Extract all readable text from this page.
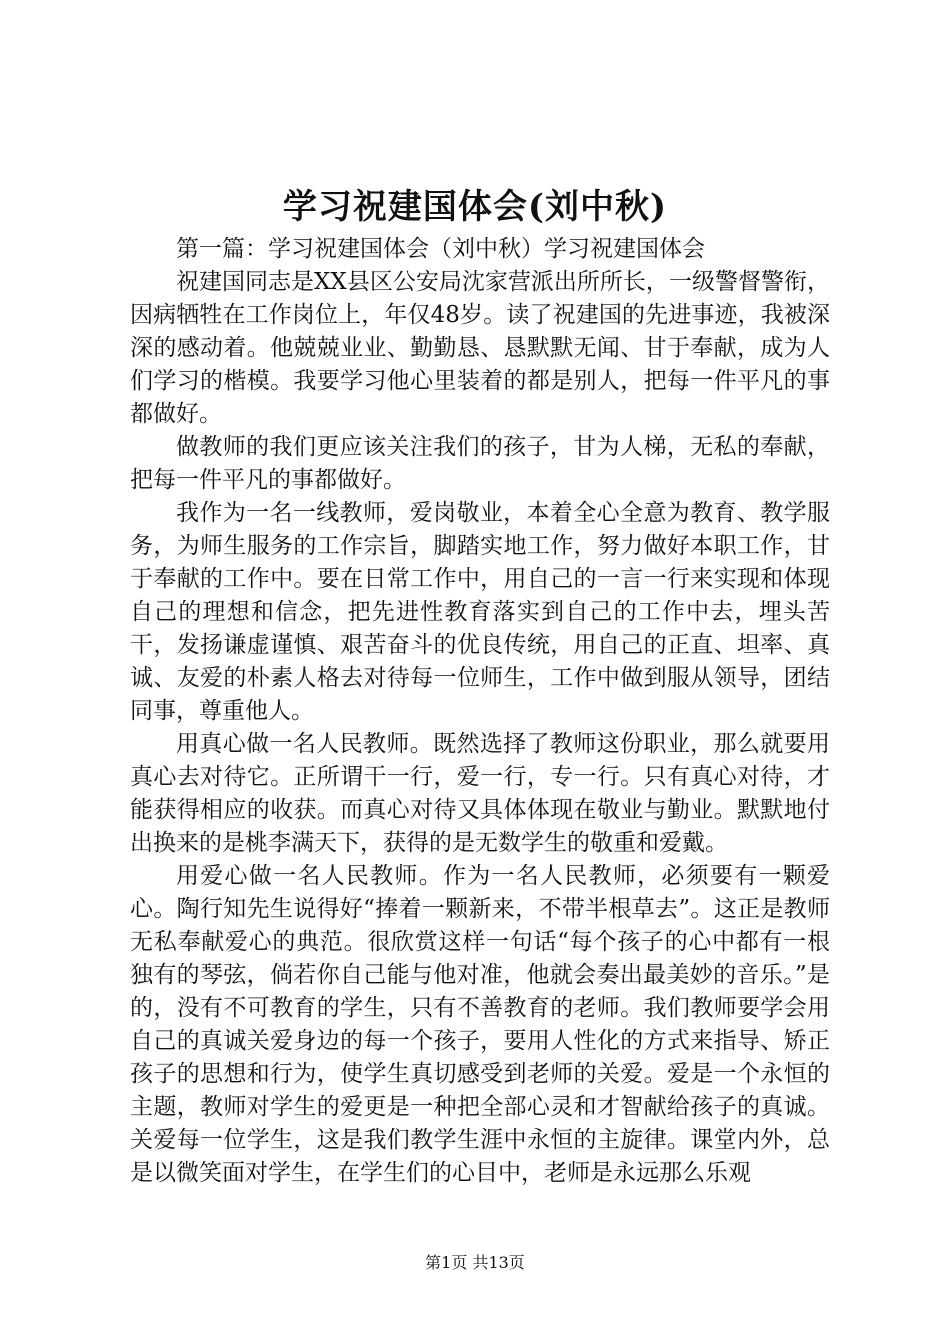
学习祝建国体会(刘中秋)

第一篇：学习祝建国体会（刘中秋）学习祝建国体会

祝建国同志是XX县区公安局沈家营派出所所长，一级警督警衔，因病牺牲在工作岗位上，年仅48岁。读了祝建国的先进事迹，我被深深的感动着。他兢兢业业、勤勤恳、恳默默无闻、甘于奉献，成为人们学习的楷模。我要学习他心里装着的都是别人，把每一件平凡的事都做好。

做教师的我们更应该关注我们的孩子，甘为人梯，无私的奉献，把每一件平凡的事都做好。

我作为一名一线教师，爱岗敬业，本着全心全意为教育、教学服务，为师生服务的工作宗旨，脚踏实地工作，努力做好本职工作，甘于奉献的工作中。要在日常工作中，用自己的一言一行来实现和体现自己的理想和信念，把先进性教育落实到自己的工作中去，埋头苦干，发扬谦虚谨慎、艰苦奋斗的优良传统，用自己的正直、坦率、真诚、友爱的朴素人格去对待每一位师生，工作中做到服从领导，团结同事，尊重他人。

用真心做一名人民教师。既然选择了教师这份职业，那么就要用真心去对待它。正所谓干一行，爱一行，专一行。只有真心对待，才能获得相应的收获。而真心对待又具体体现在敬业与勤业。默默地付出换来的是桃李满天下，获得的是无数学生的敬重和爱戴。

用爱心做一名人民教师。作为一名人民教师，必须要有一颗爱心。陶行知先生说得好“捧着一颗新来，不带半根草去”。这正是教师无私奉献爱心的典范。很欣赏这样一句话“每个孩子的心中都有一根独有的琴弦，倘若你自己能与他对准，他就会奏出最美妙的音乐。”是的，没有不可教育的学生，只有不善教育的老师。我们教师要学会用自己的真诚关爱身边的每一个孩子，要用人性化的方式来指导、矫正孩子的思想和行为，使学生真切感受到老师的关爱。爱是一个永恒的主题，教师对学生的爱更是一种把全部心灵和才智献给孩子的真诚。关爱每一位学生，这是我们教学生涯中永恒的主旋律。课堂内外，总是以微笑面对学生，在学生们的心目中，老师是永远那么乐观

第1页 共13页
